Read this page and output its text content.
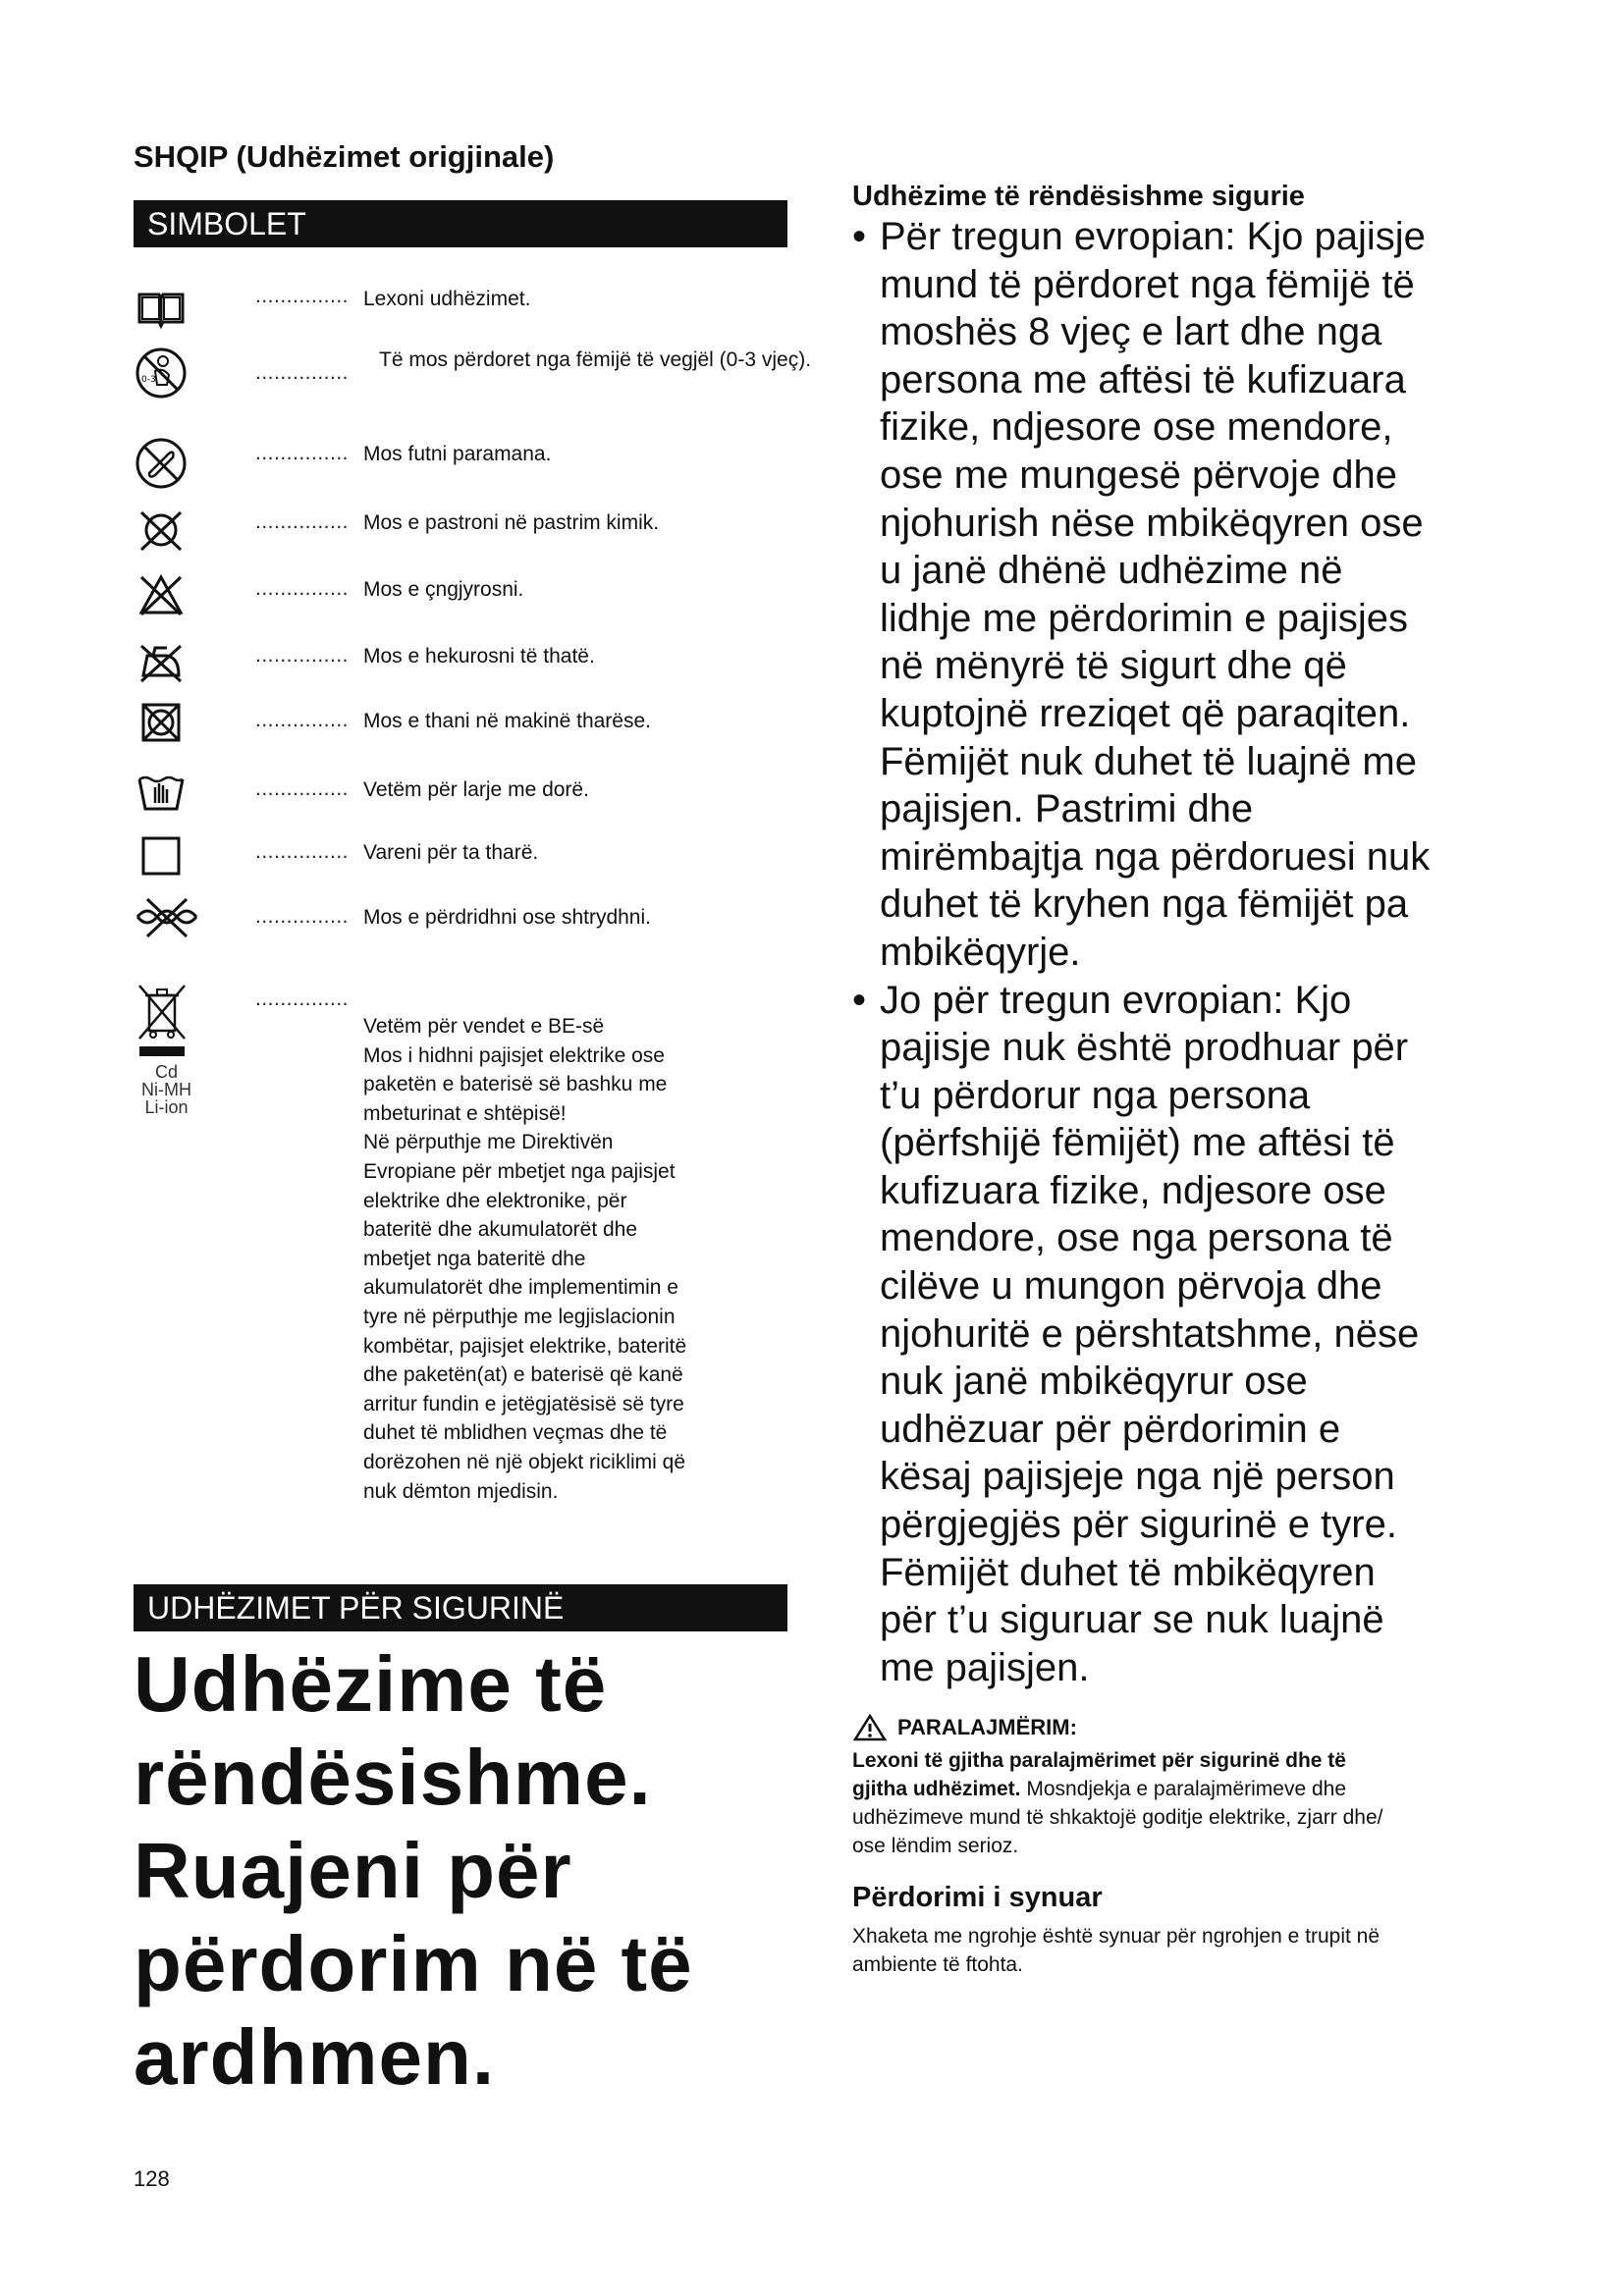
SHQIP (Udhëzimet origjinale)
SIMBOLET
............... Lexoni udhëzimet.
0-3	...............
Të mos përdoret nga fëmijë të vegjël (0-3 vjeç).
............... Mos futni paramana.
............... Mos e pastroni në pastrim kimik.
............... Mos e çngjyrosni.
............... Mos e hekurosni të thatë.
............... Mos e thani në makinë tharëse.
............... Vetëm për larje me dorë.
............... Vareni për ta tharë.
............... Mos e përdridhni ose shtrydhni.
...............
Cd
Ni-MH
Li-ion
Vetëm për vendet e BE-së
Mos i hidhni pajisjet elektrike ose
paketën e baterisë së bashku me
mbeturinat e shtëpisë!
Në përputhje me Direktivën
Evropiane për mbetjet nga pajisjet
elektrike dhe elektronike, për
bateritë dhe akumulatorët dhe
mbetjet nga bateritë dhe
akumulatorët dhe implementimin e
tyre në përputhje me legjislacionin
kombëtar, pajisjet elektrike, bateritë
dhe paketën(at) e baterisë që kanë
arritur fundin e jetëgjatësisë së tyre
duhet të mblidhen veçmas dhe të
dorëzohen në një objekt riciklimi që
nuk dëmton mjedisin.
UDHËZIMET PËR SIGURINË
Udhëzime të
rëndësishme.
Ruajeni për
përdorim në të
ardhmen.
128
Udhëzime të rëndësishme sigurie
• Për tregun evropian: Kjo pajisje
mund të përdoret nga fëmijë të
moshës 8 vjeç e lart dhe nga
persona me aftësi të kufizuara
fizike, ndjesore ose mendore,
ose me mungesë përvoje dhe
njohurish nëse mbikëqyren ose
u janë dhënë udhëzime në
lidhje me përdorimin e pajisjes
në mënyrë të sigurt dhe që
kuptojnë rreziqet që paraqiten.
Fëmijët nuk duhet të luajnë me
pajisjen. Pastrimi dhe
mirëmbajtja nga përdoruesi nuk
duhet të kryhen nga fëmijët pa
mbikëqyrje.
• Jo për tregun evropian: Kjo
pajisje nuk është prodhuar për
t’u përdorur nga persona
(përfshijë fëmijët) me aftësi të
kufizuara fizike, ndjesore ose
mendore, ose nga persona të
cilëve u mungon përvoja dhe
njohuritë e përshtatshme, nëse
nuk janë mbikëqyrur ose
udhëzuar për përdorimin e
kësaj pajisjeje nga një person
përgjegjës për sigurinë e tyre.
Fëmijët duhet të mbikëqyren
për t’u siguruar se nuk luajnë
me pajisjen.
PARALAJMËRIM:
Lexoni të gjitha paralajmërimet për sigurinë dhe të
gjitha udhëzimet. Mosndjekja e paralajmërimeve dhe
udhëzimeve mund të shkaktojë goditje elektrike, zjarr dhe/
ose lëndim serioz.
Përdorimi i synuar
Xhaketa me ngrohje është synuar për ngrohjen e trupit në
ambiente të ftohta.
